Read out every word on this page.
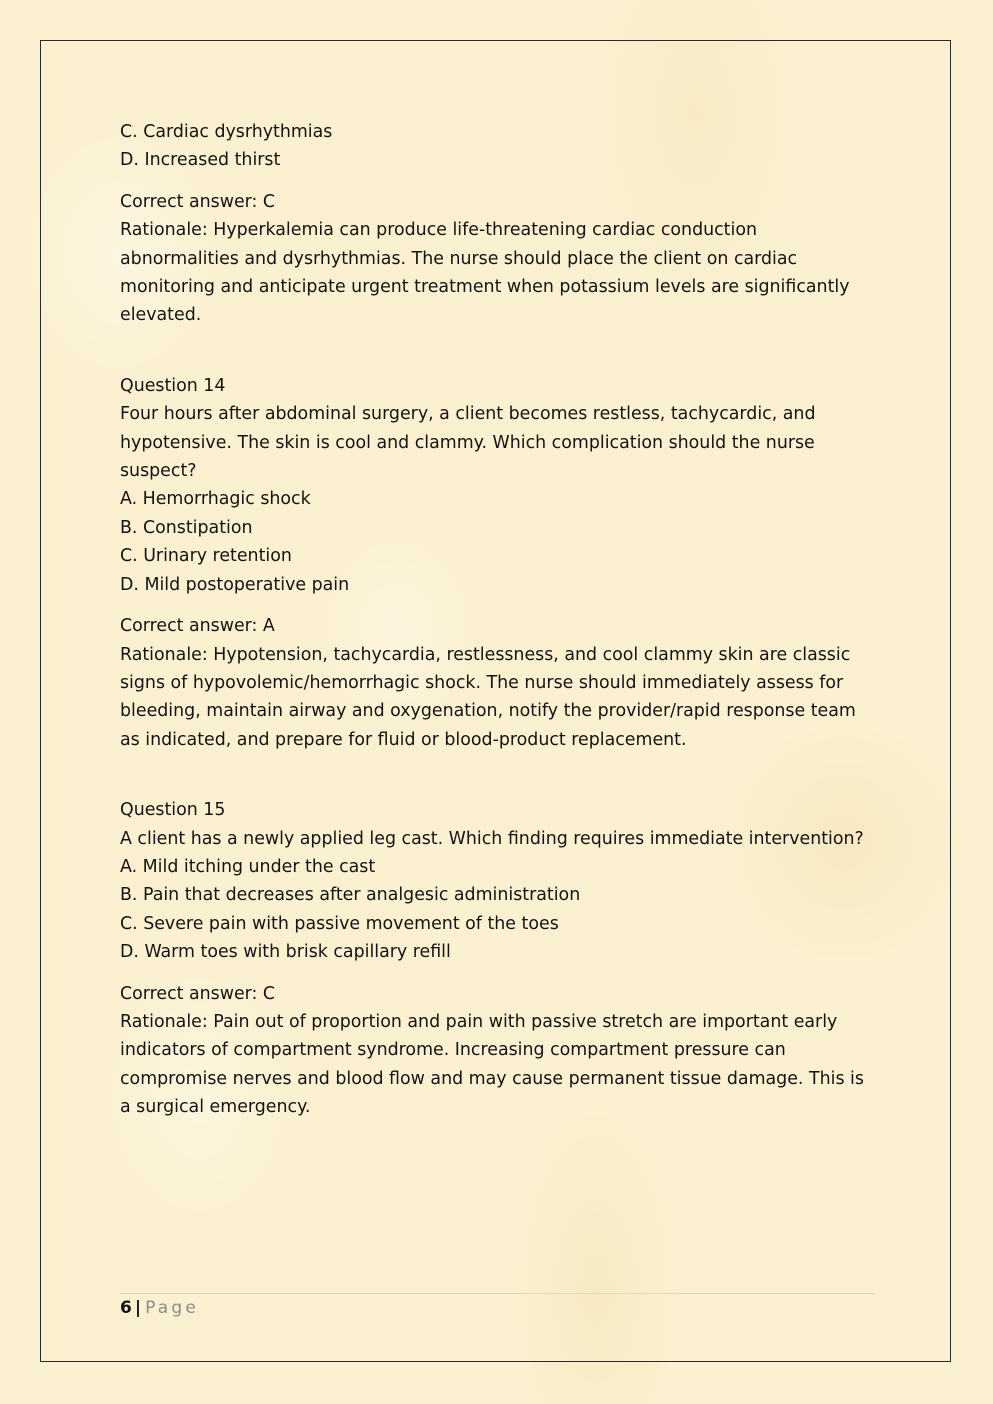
C. Cardiac dysrhythmias

D. Increased thirst

Correct answer: C

Rationale: Hyperkalemia can produce life-threatening cardiac conduction abnormalities and dysrhythmias. The nurse should place the client on cardiac monitoring and anticipate urgent treatment when potassium levels are significantly elevated.

Question 14

Four hours after abdominal surgery, a client becomes restless, tachycardic, and hypotensive. The skin is cool and clammy. Which complication should the nurse suspect?

A. Hemorrhagic shock

B. Constipation

C. Urinary retention

D. Mild postoperative pain

Correct answer: A

Rationale: Hypotension, tachycardia, restlessness, and cool clammy skin are classic signs of hypovolemic/hemorrhagic shock. The nurse should immediately assess for bleeding, maintain airway and oxygenation, notify the provider/rapid response team as indicated, and prepare for fluid or blood-product replacement.

Question 15

A client has a newly applied leg cast. Which finding requires immediate intervention?

A. Mild itching under the cast

B. Pain that decreases after analgesic administration

C. Severe pain with passive movement of the toes

D. Warm toes with brisk capillary refill

Correct answer: C

Rationale: Pain out of proportion and pain with passive stretch are important early indicators of compartment syndrome. Increasing compartment pressure can compromise nerves and blood flow and may cause permanent tissue damage. This is a surgical emergency.

6 | Page
